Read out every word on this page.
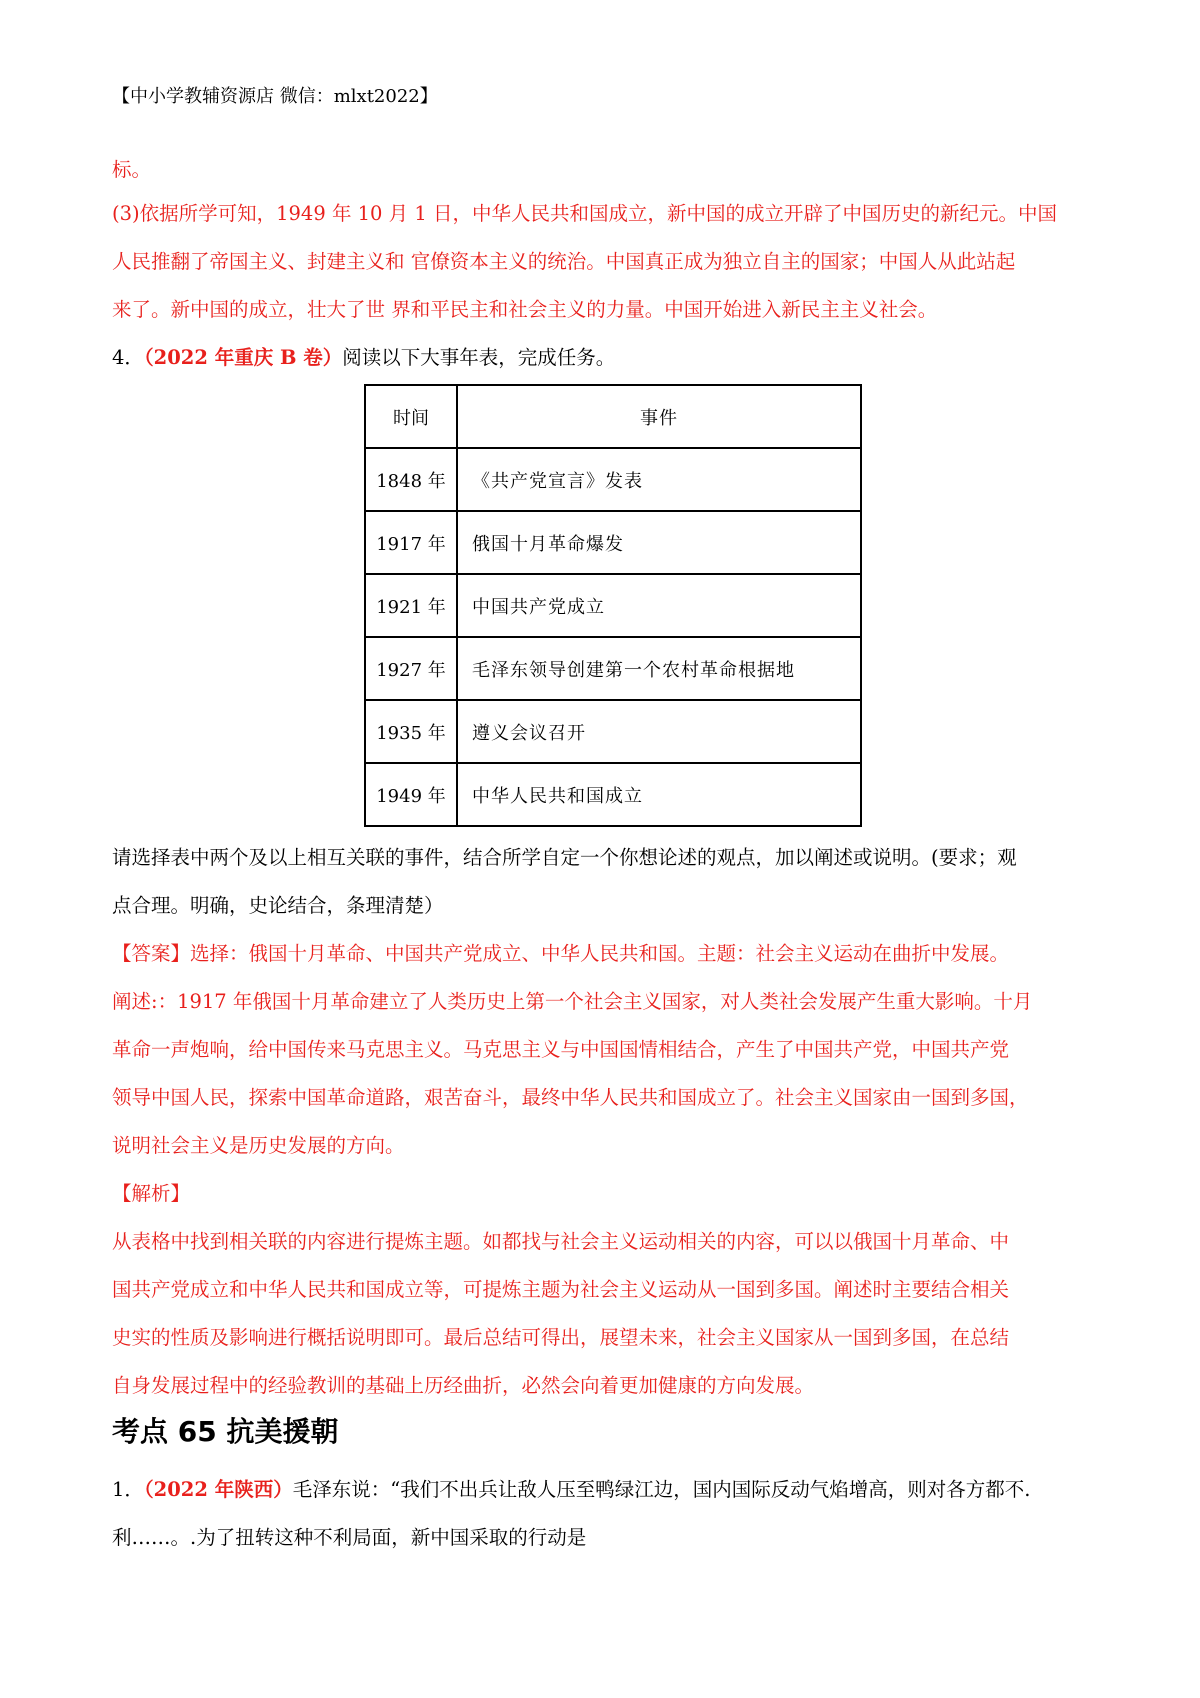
【中小学教辅资源店 微信：mlxt2022】
标。
(3)依据所学可知，1949 年 10 月 1 日，中华人民共和国成立，新中国的成立开辟了中国历史的新纪元。中国
人民推翻了帝国主义、封建主义和 官僚资本主义的统治。中国真正成为独立自主的国家；中国人从此站起
来了。新中国的成立，壮大了世 界和平民主和社会主义的力量。中国开始进入新民主主义社会。
4．（2022 年重庆 B 卷）阅读以下大事年表，完成任务。
时间	事件
1848 年	《共产党宣言》发表
1917 年	俄国十月革命爆发
1921 年	中国共产党成立
1927 年	毛泽东领导创建第一个农村革命根据地
1935 年	遵义会议召开
1949 年	中华人民共和国成立
请选择表中两个及以上相互关联的事件，结合所学自定一个你想论述的观点，加以阐述或说明。(要求；观
点合理。明确，史论结合，条理清楚）
【答案】选择：俄国十月革命、中国共产党成立、中华人民共和国。主题：社会主义运动在曲折中发展。
阐述:：1917 年俄国十月革命建立了人类历史上第一个社会主义国家，对人类社会发展产生重大影响。十月
革命一声炮响，给中国传来马克思主义。马克思主义与中国国情相结合，产生了中国共产党，中国共产党
领导中国人民，探索中国革命道路，艰苦奋斗，最终中华人民共和国成立了。社会主义国家由一国到多国，
说明社会主义是历史发展的方向。
【解析】
从表格中找到相关联的内容进行提炼主题。如都找与社会主义运动相关的内容，可以以俄国十月革命、中
国共产党成立和中华人民共和国成立等，可提炼主题为社会主义运动从一国到多国。阐述时主要结合相关
史实的性质及影响进行概括说明即可。最后总结可得出，展望未来，社会主义国家从一国到多国，在总结
自身发展过程中的经验教训的基础上历经曲折，必然会向着更加健康的方向发展。
考点 65 抗美援朝
1．（2022 年陕西）毛泽东说：“我们不出兵让敌人压至鸭绿江边，国内国际反动气焰增高，则对各方都不.
利……。.为了扭转这种不利局面，新中国采取的行动是
